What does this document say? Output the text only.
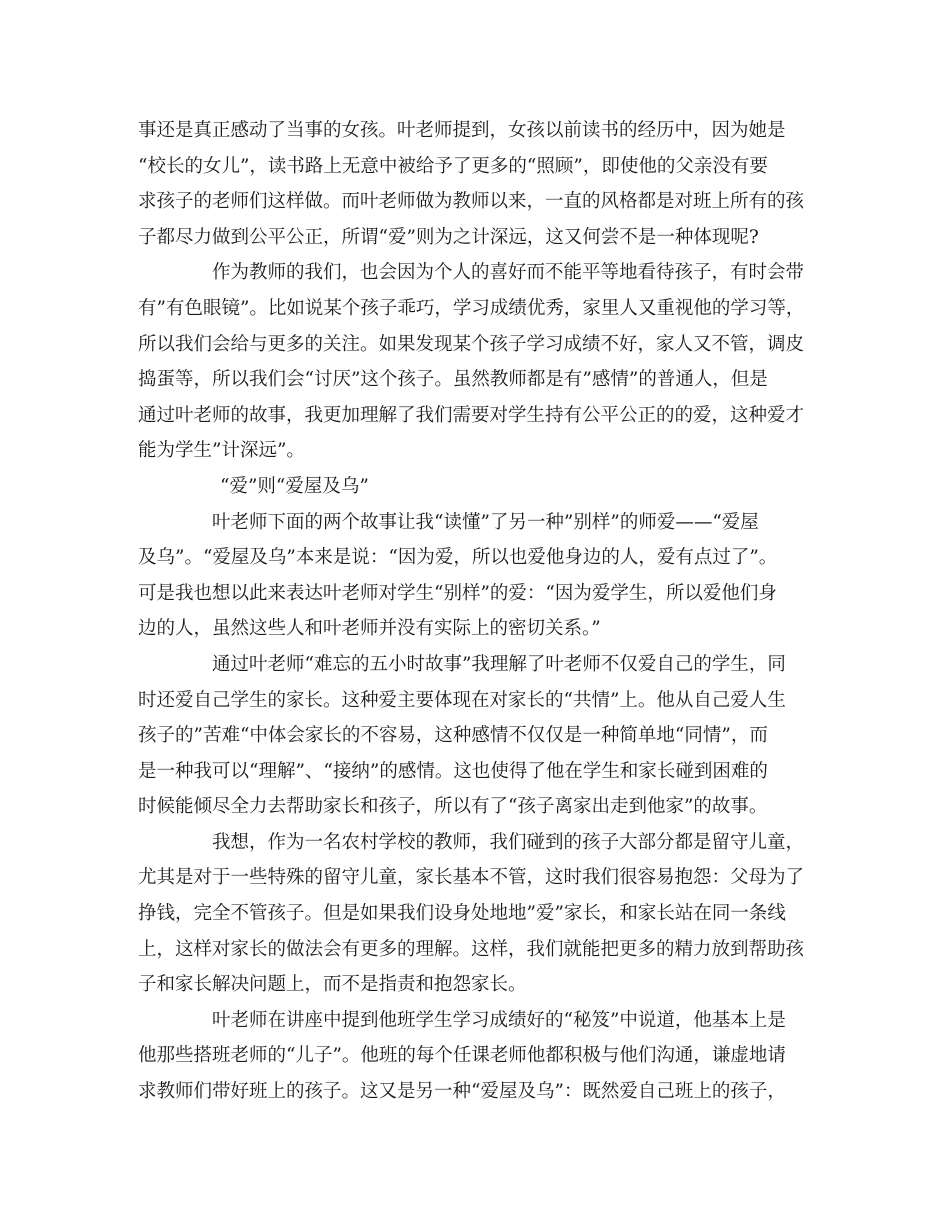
事还是真正感动了当事的女孩。叶老师提到，女孩以前读书的经历中，因为她是
“校长的女儿”，读书路上无意中被给予了更多的“照顾”，即使他的父亲没有要
求孩子的老师们这样做。而叶老师做为教师以来，一直的风格都是对班上所有的孩
子都尽力做到公平公正，所谓“爱”则为之计深远，这又何尝不是一种体现呢?
作为教师的我们，也会因为个人的喜好而不能平等地看待孩子，有时会带
有”有色眼镜”。比如说某个孩子乖巧，学习成绩优秀，家里人又重视他的学习等，
所以我们会给与更多的关注。如果发现某个孩子学习成绩不好，家人又不管，调皮
捣蛋等，所以我们会“讨厌”这个孩子。虽然教师都是有”感情”的普通人，但是
通过叶老师的故事，我更加理解了我们需要对学生持有公平公正的的爱，这种爱才
能为学生”计深远”。
“爱”则“爱屋及乌”
叶老师下面的两个故事让我“读懂”了另一种”别样”的师爱——“爱屋
及乌”。“爱屋及乌”本来是说：“因为爱，所以也爱他身边的人，爱有点过了”。
可是我也想以此来表达叶老师对学生“别样”的爱：“因为爱学生，所以爱他们身
边的人，虽然这些人和叶老师并没有实际上的密切关系。”
通过叶老师“难忘的五小时故事”我理解了叶老师不仅爱自己的学生，同
时还爱自己学生的家长。这种爱主要体现在对家长的“共情”上。他从自己爱人生
孩子的”苦难“中体会家长的不容易，这种感情不仅仅是一种简单地“同情”，而
是一种我可以“理解”、“接纳”的感情。这也使得了他在学生和家长碰到困难的
时候能倾尽全力去帮助家长和孩子，所以有了“孩子离家出走到他家”的故事。
我想，作为一名农村学校的教师，我们碰到的孩子大部分都是留守儿童，
尤其是对于一些特殊的留守儿童，家长基本不管，这时我们很容易抱怨：父母为了
挣钱，完全不管孩子。但是如果我们设身处地地”爱”家长，和家长站在同一条线
上，这样对家长的做法会有更多的理解。这样，我们就能把更多的精力放到帮助孩
子和家长解决问题上，而不是指责和抱怨家长。
叶老师在讲座中提到他班学生学习成绩好的“秘笈”中说道，他基本上是
他那些搭班老师的“儿子”。他班的每个任课老师他都积极与他们沟通，谦虚地请
求教师们带好班上的孩子。这又是另一种“爱屋及乌”：既然爱自己班上的孩子，
